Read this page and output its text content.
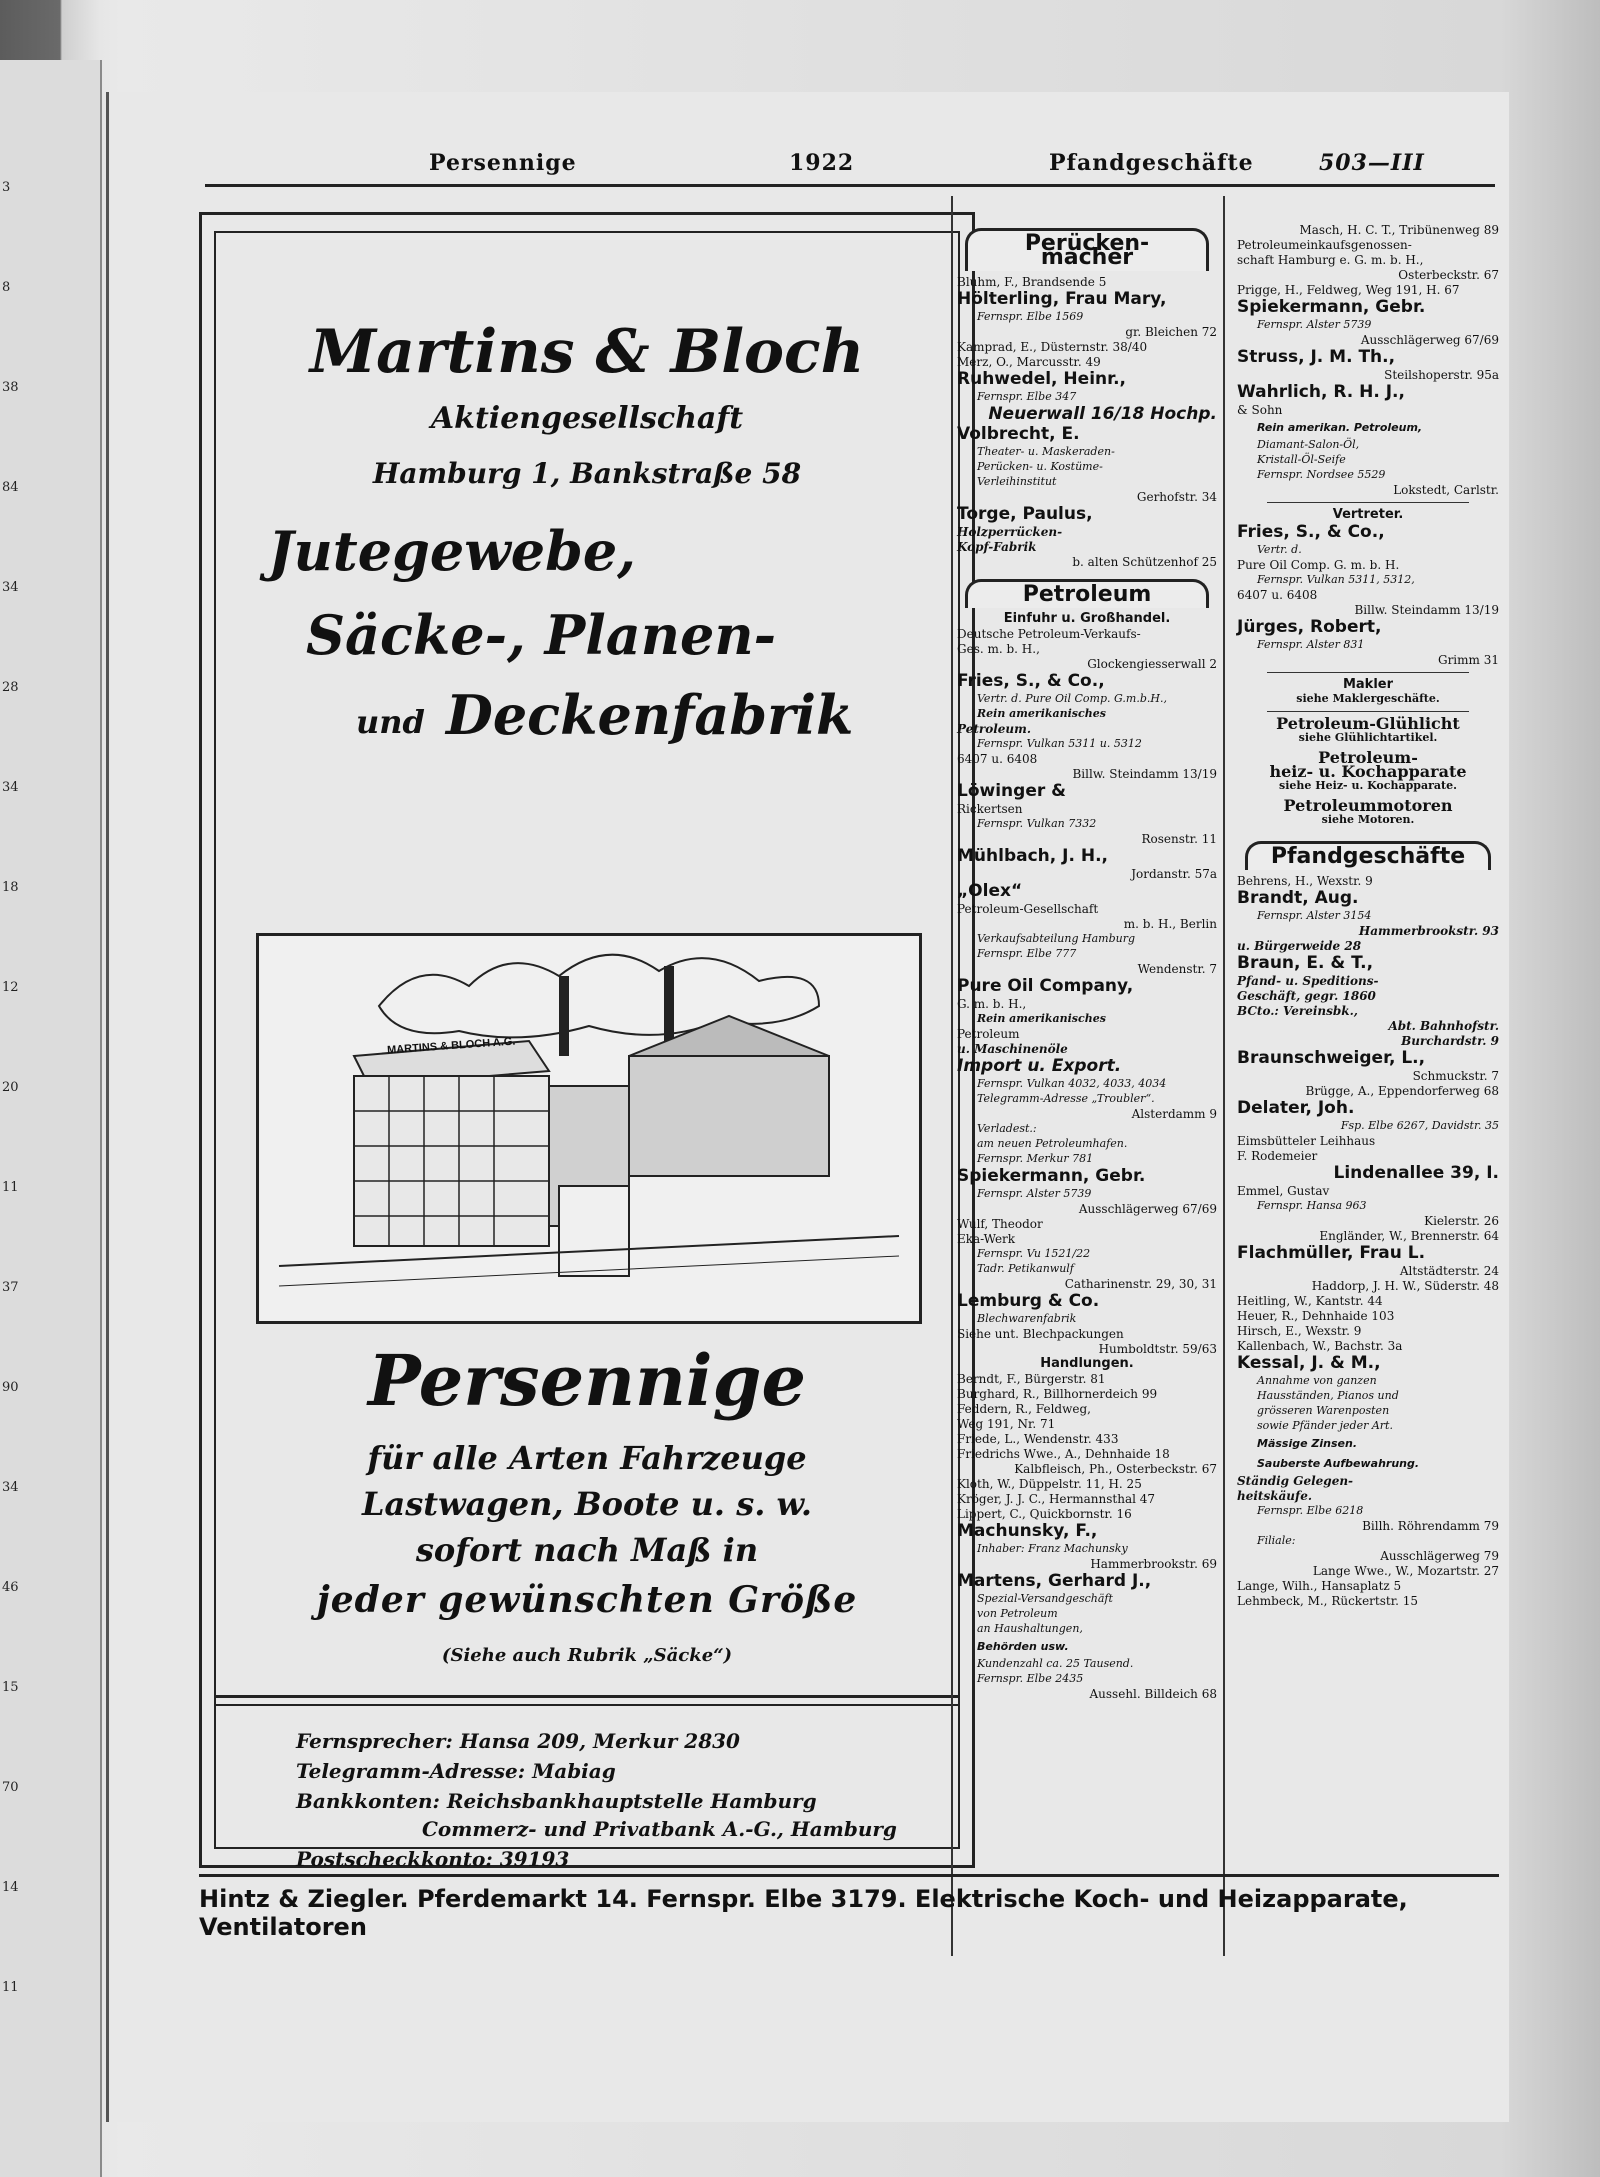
3
8
38
84
34
28
34
18
12
20
11
37
90
34
46
15
70
14
11
Persennige	1922	Pfandgeschäfte	503—III
Martins & Bloch
Aktiengesellschaft
Hamburg 1, Bankstraße 58
Jutegewebe,
Säcke-, Planen-
und Deckenfabrik
MARTINS & BLOCH A.G.
Persennige
für alle Arten Fahrzeuge
Lastwagen, Boote u. s. w.
sofort nach Maß in
jeder gewünschten Größe
(Siehe auch Rubrik „Säcke“)
Fernsprecher: Hansa 209, Merkur 2830
Telegramm-Adresse: Mabiag
Bankkonten: Reichsbankhauptstelle Hamburg
Commerz- und Privatbank A.-G., Hamburg
Postscheckkonto: 39193
Perücken-
macher
Bluhm, F., Brandsende 5
Hölterling, Frau Mary,
Fernspr. Elbe 1569
gr. Bleichen 72
Kamprad, E., Düsternstr. 38/40
Merz, O., Marcusstr. 49
Ruhwedel, Heinr.,
Fernspr. Elbe 347
Neuerwall 16/18 Hochp.
Volbrecht, E.
Theater- u. Maskeraden-
Perücken- u. Kostüme-
Verleihinstitut
Gerhofstr. 34
Torge, Paulus,
Holzperrücken-
Kopf-Fabrik
b. alten Schützenhof 25
Petroleum
Einfuhr u. Großhandel.
Deutsche Petroleum-Verkaufs-
Ges. m. b. H.,
Glockengiesserwall 2
Fries, S., & Co.,
Vertr. d. Pure Oil Comp. G.m.b.H.,
Rein amerikanisches
Petroleum.
Fernspr. Vulkan 5311 u. 5312
6407 u. 6408
Billw. Steindamm 13/19
Löwinger &
Rickertsen
Fernspr. Vulkan 7332
Rosenstr. 11
Mühlbach, J. H.,
Jordanstr. 57a
„Olex“
Petroleum-Gesellschaft
m. b. H., Berlin
Verkaufsabteilung Hamburg
Fernspr. Elbe 777
Wendenstr. 7
Pure Oil Company,
G. m. b. H.,
Rein amerikanisches
Petroleum
u. Maschinenöle
Import u. Export.
Fernspr. Vulkan 4032, 4033, 4034
Telegramm-Adresse „Troubler“.
Alsterdamm 9
Verladest.:
am neuen Petroleumhafen.
Fernspr. Merkur 781
Spiekermann, Gebr.
Fernspr. Alster 5739
Ausschlägerweg 67/69
Wulf, Theodor
Eka-Werk
Fernspr. Vu 1521/22
Tadr. Petikanwulf
Catharinenstr. 29, 30, 31
Lemburg & Co.
Blechwarenfabrik
Siehe unt. Blechpackungen
Humboldtstr. 59/63
Handlungen.
Berndt, F., Bürgerstr. 81
Burghard, R., Billhornerdeich 99
Feddern, R., Feldweg,
Weg 191, Nr. 71
Friede, L., Wendenstr. 433
Friedrichs Wwe., A., Dehnhaide 18
Kalbfleisch, Ph., Osterbeckstr. 67
Kloth, W., Düppelstr. 11, H. 25
Kröger, J. J. C., Hermannsthal 47
Lippert, C., Quickbornstr. 16
Machunsky, F.,
Inhaber: Franz Machunsky
Hammerbrookstr. 69
Martens, Gerhard J.,
Spezial-Versandgeschäft
von Petroleum
an Haushaltungen,
Behörden usw.
Kundenzahl ca. 25 Tausend.
Fernspr. Elbe 2435
Aussehl. Billdeich 68
Masch, H. C. T., Tribünenweg 89
Petroleumeinkaufsgenossen-
schaft Hamburg e. G. m. b. H.,
Osterbeckstr. 67
Prigge, H., Feldweg, Weg 191, H. 67
Spiekermann, Gebr.
Fernspr. Alster 5739
Ausschlägerweg 67/69
Struss, J. M. Th.,
Steilshoperstr. 95a
Wahrlich, R. H. J.,
& Sohn
Rein amerikan. Petroleum,
Diamant-Salon-Öl,
Kristall-Öl-Seife
Fernspr. Nordsee 5529
Lokstedt, Carlstr.
Vertreter.
Fries, S., & Co.,
Vertr. d.
Pure Oil Comp. G. m. b. H.
Fernspr. Vulkan 5311, 5312,
6407 u. 6408
Billw. Steindamm 13/19
Jürges, Robert,
Fernspr. Alster 831
Grimm 31
Makler
siehe Maklergeschäfte.
Petroleum-Glühlicht
siehe Glühlichtartikel.
Petroleum-
heiz- u. Kochapparate
siehe Heiz- u. Kochapparate.
Petroleummotoren
siehe Motoren.
Pfandgeschäfte
Behrens, H., Wexstr. 9
Brandt, Aug.
Fernspr. Alster 3154
Hammerbrookstr. 93
u. Bürgerweide 28
Braun, E. & T.,
Pfand- u. Speditions-
Geschäft, gegr. 1860
BCto.: Vereinsbk.,
Abt. Bahnhofstr.
Burchardstr. 9
Braunschweiger, L.,
Schmuckstr. 7
Brügge, A., Eppendorferweg 68
Delater, Joh.
Fsp. Elbe 6267, Davidstr. 35
Eimsbütteler Leihhaus
F. Rodemeier
Lindenallee 39, I.
Emmel, Gustav
Fernspr. Hansa 963
Kielerstr. 26
Engländer, W., Brennerstr. 64
Flachmüller, Frau L.
Altstädterstr. 24
Haddorp, J. H. W., Süderstr. 48
Heitling, W., Kantstr. 44
Heuer, R., Dehnhaide 103
Hirsch, E., Wexstr. 9
Kallenbach, W., Bachstr. 3a
Kessal, J. & M.,
Annahme von ganzen
Hausständen, Pianos und
grösseren Warenposten
sowie Pfänder jeder Art.
Mässige Zinsen.
Sauberste Aufbewahrung.
Ständig Gelegen-
heitskäufe.
Fernspr. Elbe 6218
Billh. Röhrendamm 79
Filiale:
Ausschlägerweg 79
Lange Wwe., W., Mozartstr. 27
Lange, Wilh., Hansaplatz 5
Lehmbeck, M., Rückertstr. 15
Hintz & Ziegler. Pferdemarkt 14. Fernspr. Elbe 3179. Elektrische Koch- und Heizapparate, Ventilatoren
